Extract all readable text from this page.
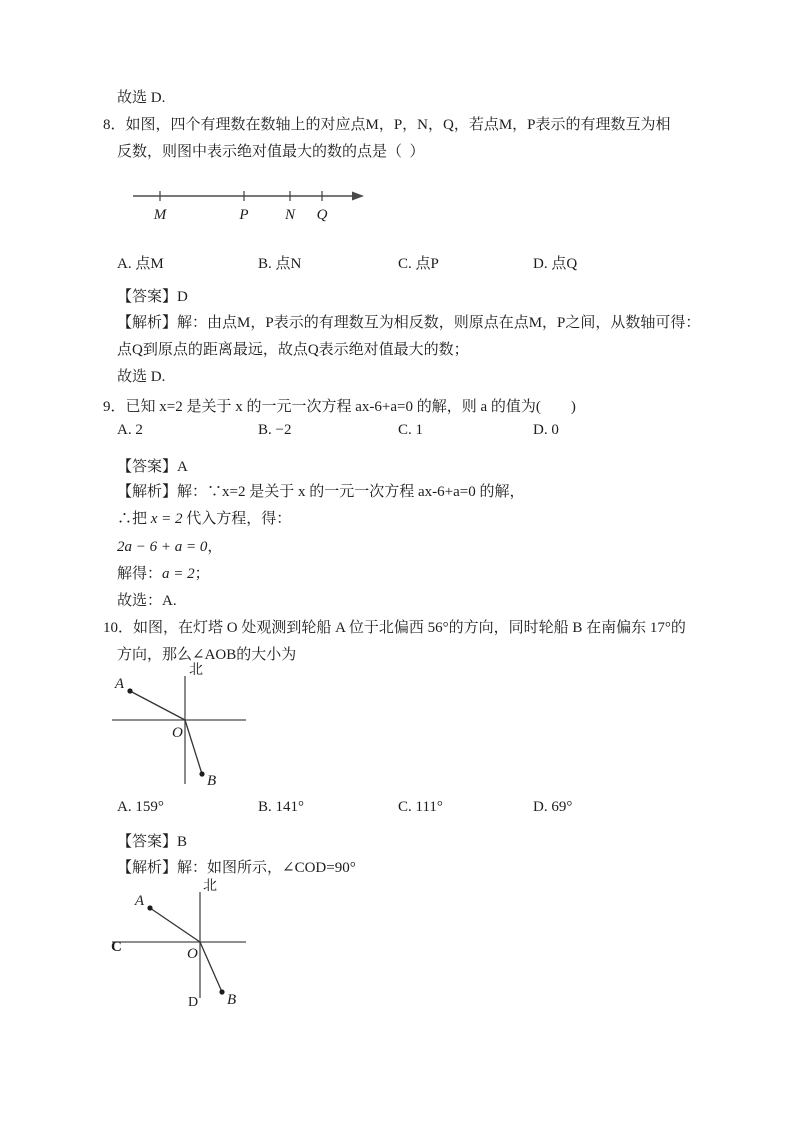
故选 D.
8．如图，四个有理数在数轴上的对应点M，P，N，Q，若点M，P表示的有理数互为相
反数，则图中表示绝对值最大的数的点是（  ）
M	P N Q
A. 点M	B. 点N	C. 点P	D. 点Q
【答案】D
【解析】解：由点M，P表示的有理数互为相反数，则原点在点M，P之间，从数轴可得：
点Q到原点的距离最远，故点Q表示绝对值最大的数；
故选 D.
9．已知 x=2 是关于 x 的一元一次方程 ax-6+a=0 的解，则 a 的值为(        )
A. 2	B. −2	C. 1	D. 0
【答案】A
【解析】解：∵x=2 是关于 x 的一元一次方程 ax-6+a=0 的解，
∴把 x = 2 代入方程，得：
2a − 6 + a = 0，
解得：a = 2；
故选：A.
10．如图，在灯塔 O 处观测到轮船 A 位于北偏西 56°的方向，同时轮船 B 在南偏东 17°的
方向，那么∠AOB的大小为
北
A
O
B
A. 159°	B. 141°	C. 111°	D. 69°
【答案】B
【解析】解：如图所示，∠COD=90°
北
A
C	O
D B
